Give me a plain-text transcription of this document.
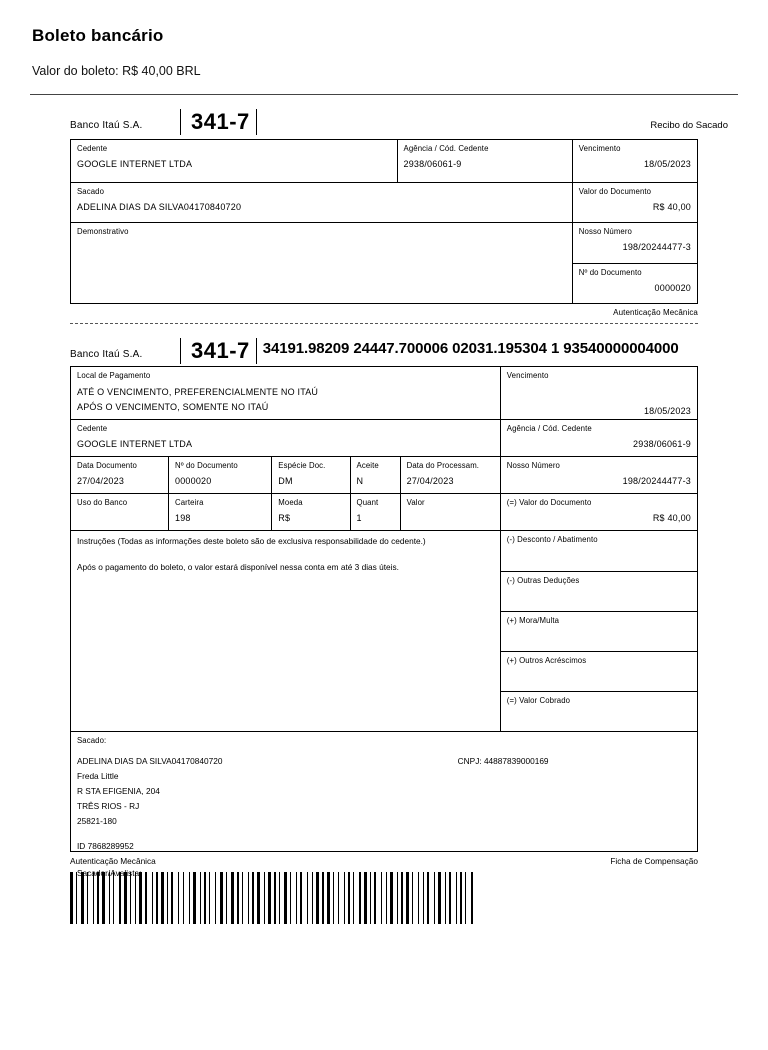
Boleto bancário
Valor do boleto: R$ 40,00 BRL
Banco Itaú S.A.	341-7	Recibo do Sacado
Cedente
GOOGLE INTERNET LTDA
Agência / Cód. Cedente
2938/06061-9
Vencimento
18/05/2023
Sacado
ADELINA DIAS DA SILVA04170840720
Valor do Documento
R$ 40,00
Demonstrativo	Nosso Número
198/20244477-3
Nº do Documento
0000020
Autenticação Mecânica
Banco Itaú S.A.	341-7 34191.98209 24447.700006 02031.195304 1 93540000004000
Local de Pagamento
ATÉ O VENCIMENTO, PREFERENCIALMENTE NO ITAÚ
APÓS O VENCIMENTO, SOMENTE NO ITAÚ
Vencimento
18/05/2023
Cedente
GOOGLE INTERNET LTDA
Agência / Cód. Cedente
2938/06061-9
Data Documento
27/04/2023
Nº do Documento
0000020
Espécie Doc.
DM
Aceite
N
Data do Processam.
27/04/2023
Nosso Número
198/20244477-3
Uso do Banco	Carteira
198
Moeda
R$
Quant
1
Valor	(=) Valor do Documento
R$ 40,00
Instruções (Todas as informações deste boleto são de exclusiva responsabilidade do cedente.)
Após o pagamento do boleto, o valor estará disponível nessa conta em até 3 dias úteis.
(-) Desconto / Abatimento
(-) Outras Deduções
(+) Mora/Multa
(+) Outros Acréscimos
(=) Valor Cobrado
Sacado:
ADELINA DIAS DA SILVA04170840720	CNPJ: 44887839000169
Freda Little
R STA EFIGENIA, 204
TRÊS RIOS - RJ
25821-180
ID 7868289952
Sacador/Avalista:
Autenticação Mecânica	Ficha de Compensação
